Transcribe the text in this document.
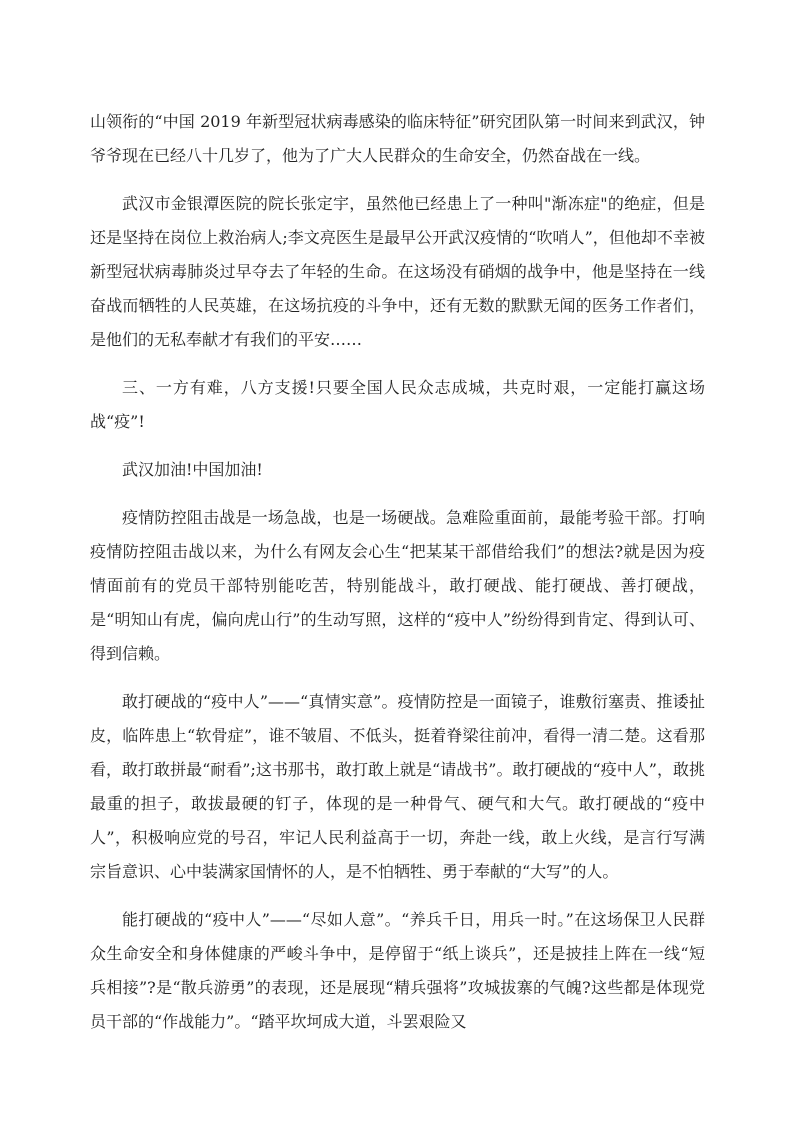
山领衔的“中国 2019 年新型冠状病毒感染的临床特征”研究团队第一时间来到武汉，钟爷爷现在已经八十几岁了，他为了广大人民群众的生命安全，仍然奋战在一线。

武汉市金银潭医院的院长张定宇，虽然他已经患上了一种叫"渐冻症"的绝症，但是还是坚持在岗位上救治病人;李文亮医生是最早公开武汉疫情的“吹哨人”，但他却不幸被新型冠状病毒肺炎过早夺去了年轻的生命。在这场没有硝烟的战争中，他是坚持在一线奋战而牺牲的人民英雄，在这场抗疫的斗争中，还有无数的默默无闻的医务工作者们，是他们的无私奉献才有我们的平安……

三、一方有难，八方支援!只要全国人民众志成城，共克时艰，一定能打赢这场战“疫”!

武汉加油!中国加油!

疫情防控阻击战是一场急战，也是一场硬战。急难险重面前，最能考验干部。打响疫情防控阻击战以来，为什么有网友会心生“把某某干部借给我们”的想法?就是因为疫情面前有的党员干部特别能吃苦，特别能战斗，敢打硬战、能打硬战、善打硬战，是“明知山有虎，偏向虎山行”的生动写照，这样的“疫中人”纷纷得到肯定、得到认可、得到信赖。

敢打硬战的“疫中人”——“真情实意”。疫情防控是一面镜子，谁敷衍塞责、推诿扯皮，临阵患上“软骨症”，谁不皱眉、不低头，挺着脊梁往前冲，看得一清二楚。这看那看，敢打敢拼最“耐看”;这书那书，敢打敢上就是“请战书”。敢打硬战的“疫中人”，敢挑最重的担子，敢拔最硬的钉子，体现的是一种骨气、硬气和大气。敢打硬战的“疫中人”，积极响应党的号召，牢记人民利益高于一切，奔赴一线，敢上火线，是言行写满宗旨意识、心中装满家国情怀的人，是不怕牺牲、勇于奉献的“大写”的人。

能打硬战的“疫中人”——“尽如人意”。“养兵千日，用兵一时。”在这场保卫人民群众生命安全和身体健康的严峻斗争中，是停留于“纸上谈兵”，还是披挂上阵在一线“短兵相接”?是“散兵游勇”的表现，还是展现“精兵强将”攻城拔寨的气魄?这些都是体现党员干部的“作战能力”。“踏平坎坷成大道，斗罢艰险又
